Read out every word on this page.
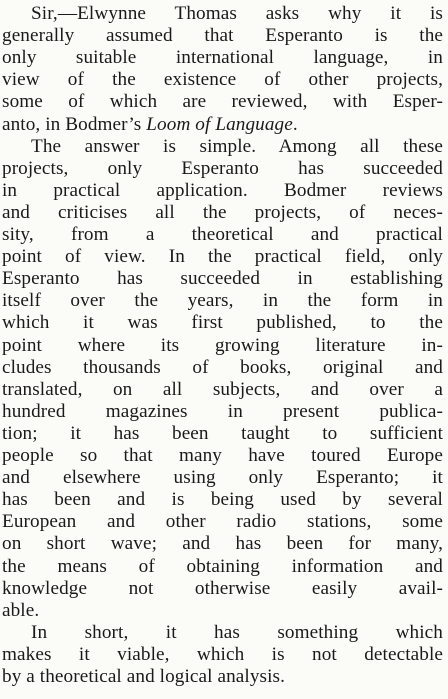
Sir,—Elwynne Thomas asks why it is
generally assumed that Esperanto is the
only suitable international language, in
view of the existence of other projects,
some of which are reviewed, with Esper-
anto, in Bodmer’s Loom of Language.
The answer is simple. Among all these
projects, only Esperanto has succeeded
in practical application. Bodmer reviews
and criticises all the projects, of neces-
sity, from a theoretical and practical
point of view. In the practical field, only
Esperanto has succeeded in establishing
itself over the years, in the form in
which it was first published, to the
point where its growing literature in-
cludes thousands of books, original and
translated, on all subjects, and over a
hundred magazines in present publica-
tion; it has been taught to sufficient
people so that many have toured Europe
and elsewhere using only Esperanto; it
has been and is being used by several
European and other radio stations, some
on short wave; and has been for many,
the means of obtaining information and
knowledge not otherwise easily avail-
able.
In short, it has something which
makes it viable, which is not detectable
by a theoretical and logical analysis.
